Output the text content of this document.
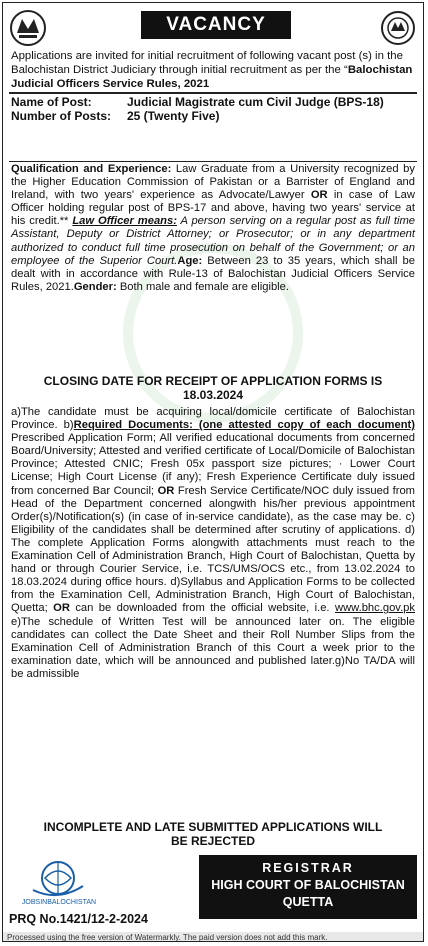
VACANCY
Applications are invited for initial recruitment of following vacant post (s) in the Balochistan District Judiciary through initial recruitment as per the “Balochistan Judicial Officers Service Rules, 2021
Name of Post:	Judicial Magistrate cum Civil Judge (BPS-18)
Number of Posts:	25 (Twenty Five)
Qualification and Experience: Law Graduate from a University recognized by the Higher Education Commission of Pakistan or a Barrister of England and Ireland, with two years' experience as Advocate/Lawyer OR in case of Law Officer holding regular post of BPS-17 and above, having two years' service at his credit.** Law Officer means: A person serving on a regular post as full time Assistant, Deputy or District Attorney; or Prosecutor; or in any department authorized to conduct full time prosecution on behalf of the Government; or an employee of the Superior Court.Age: Between 23 to 35 years, which shall be dealt with in accordance with Rule-13 of Balochistan Judicial Officers Service Rules, 2021.Gender: Both male and female are eligible.
CLOSING DATE FOR RECEIPT OF APPLICATION FORMS IS
18.03.2024
a)The candidate must be acquiring local/domicile certificate of Balochistan Province. b)Required Documents: (one attested copy of each document) Prescribed Application Form; All verified educational documents from concerned Board/University; Attested and verified certificate of Local/Domicile of Balochistan Province; Attested CNIC; Fresh 05x passport size pictures; · Lower Court License; High Court License (if any); Fresh Experience Certificate duly issued from concerned Bar Council; OR Fresh Service Certificate/NOC duly issued from Head of the Department concerned alongwith his/her previous appointment Order(s)/Notification(s) (in case of in-service candidate), as the case may be. c) Eligibility of the candidates shall be determined after scrutiny of applications. d) The complete Application Forms alongwith attachments must reach to the Examination Cell of Administration Branch, High Court of Balochistan, Quetta by hand or through Courier Service, i.e. TCS/UMS/OCS etc., from 13.02.2024 to 18.03.2024 during office hours. d)Syllabus and Application Forms to be collected from the Examination Cell, Administration Branch, High Court of Balochistan, Quetta; OR can be downloaded from the official website, i.e. www.bhc.gov.pk e)The schedule of Written Test will be announced later on. The eligible candidates can collect the Date Sheet and their Roll Number Slips from the Examination Cell of Administration Branch of this Court a week prior to the examination date, which will be announced and published later.g)No TA/DA will be admissible
INCOMPLETE AND LATE SUBMITTED APPLICATIONS WILL
BE REJECTED
JOBSINBALOCHISTAN
REGISTRAR
HIGH COURT OF BALOCHISTAN
QUETTA
PRQ No.1421/12-2-2024
Processed using the free version of Watermarkly. The paid version does not add this mark.
